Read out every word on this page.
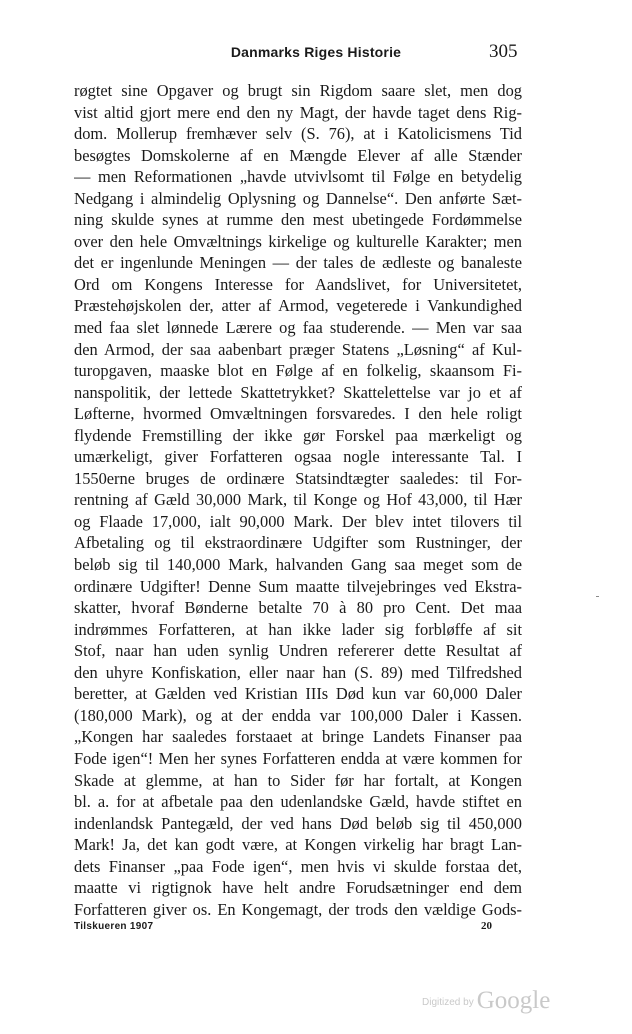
Danmarks Riges Historie	305
røgtet sine Opgaver og brugt sin Rigdom saare slet, men dog
vist altid gjort mere end den ny Magt, der havde taget dens Rig-
dom. Mollerup fremhæver selv (S. 76), at i Katolicismens Tid
besøgtes Domskolerne af en Mængde Elever af alle Stænder
— men Reformationen „havde utvivlsomt til Følge en betydelig
Nedgang i almindelig Oplysning og Dannelse“. Den anførte Sæt-
ning skulde synes at rumme den mest ubetingede Fordømmelse
over den hele Omvæltnings kirkelige og kulturelle Karakter; men
det er ingenlunde Meningen — der tales de ædleste og banaleste
Ord om Kongens Interesse for Aandslivet, for Universitetet,
Præstehøjskolen der, atter af Armod, vegeterede i Vankundighed
med faa slet lønnede Lærere og faa studerende. — Men var saa
den Armod, der saa aabenbart præger Statens „Løsning“ af Kul-
turopgaven, maaske blot en Følge af en folkelig, skaansom Fi-
nanspolitik, der lettede Skattetrykket? Skattelettelse var jo et af
Løfterne, hvormed Omvæltningen forsvaredes. I den hele roligt
flydende Fremstilling der ikke gør Forskel paa mærkeligt og
umærkeligt, giver Forfatteren ogsaa nogle interessante Tal. I
1550erne bruges de ordinære Statsindtægter saaledes: til For-
rentning af Gæld 30,000 Mark, til Konge og Hof 43,000, til Hær
og Flaade 17,000, ialt 90,000 Mark. Der blev intet tilovers til
Afbetaling og til ekstraordinære Udgifter som Rustninger, der
beløb sig til 140,000 Mark, halvanden Gang saa meget som de
ordinære Udgifter! Denne Sum maatte tilvejebringes ved Ekstra-
skatter, hvoraf Bønderne betalte 70 à 80 pro Cent. Det maa
indrømmes Forfatteren, at han ikke lader sig forbløffe af sit
Stof, naar han uden synlig Undren refererer dette Resultat af
den uhyre Konfiskation, eller naar han (S. 89) med Tilfredshed
beretter, at Gælden ved Kristian IIIs Død kun var 60,000 Daler
(180,000 Mark), og at der endda var 100,000 Daler i Kassen.
„Kongen har saaledes forstaaet at bringe Landets Finanser paa
Fode igen“! Men her synes Forfatteren endda at være kommen for
Skade at glemme, at han to Sider før har fortalt, at Kongen
bl. a. for at afbetale paa den udenlandske Gæld, havde stiftet en
indenlandsk Pantegæld, der ved hans Død beløb sig til 450,000
Mark! Ja, det kan godt være, at Kongen virkelig har bragt Lan-
dets Finanser „paa Fode igen“, men hvis vi skulde forstaa det,
maatte vi rigtignok have helt andre Forudsætninger end dem
Forfatteren giver os. En Kongemagt, der trods den vældige Gods-
Tilskueren 1907	20
Digitized by Google
